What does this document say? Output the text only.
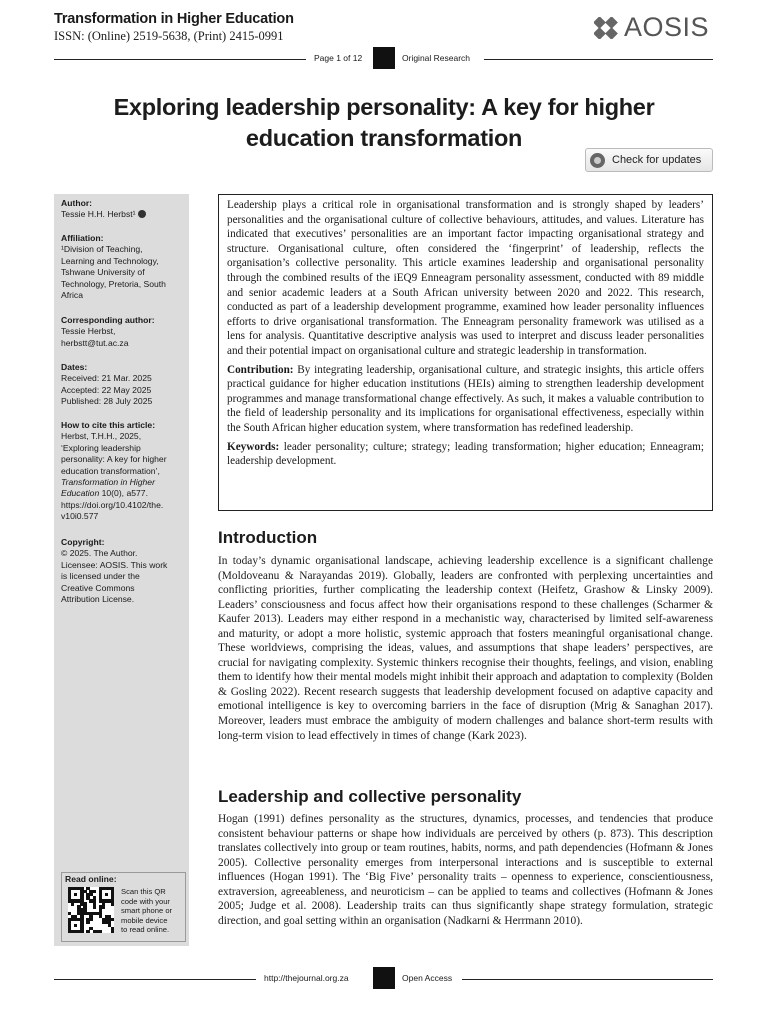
Transformation in Higher Education
ISSN: (Online) 2519-5638, (Print) 2415-0991	AOSIS
Page 1 of 12	Original Research
Exploring leadership personality: A key for higher
education transformation
Check for updates
Author:
Tessie H.H. Herbst¹
Affiliation:
¹Division of Teaching,
Learning and Technology,
Tshwane University of
Technology, Pretoria, South
Africa
Corresponding author:
Tessie Herbst,
herbstt@tut.ac.za
Dates:
Received: 21 Mar. 2025
Accepted: 22 May 2025
Published: 28 July 2025
How to cite this article:
Herbst, T.H.H., 2025,
‘Exploring leadership
personality: A key for higher
education transformation’,
Transformation in Higher
Education 10(0), a577.
https://doi.org/10.4102/the.
v10i0.577
Copyright:
© 2025. The Author.
Licensee: AOSIS. This work
is licensed under the
Creative Commons
Attribution License.
Read online:
Scan this QR
code with your
smart phone or
mobile device
to read online.

Leadership plays a critical role in organisational transformation and is strongly shaped by leaders’ personalities and the organisational culture of collective behaviours, attitudes, and values. Literature has indicated that executives’ personalities are an important factor impacting organisational strategy and structure. Organisational culture, often considered the ‘fingerprint’ of leadership, reflects the organisation’s collective personality. This article examines leadership and organisational personality through the combined results of the iEQ9 Enneagram personality assessment, conducted with 89 middle and senior academic leaders at a South African university between 2020 and 2022. This research, conducted as part of a leadership development programme, examined how leader personality influences efforts to drive organisational transformation. The Enneagram personality framework was utilised as a lens for analysis. Quantitative descriptive analysis was used to interpret and discuss leader personalities and their potential impact on organisational culture and strategic leadership in transformation.

Contribution: By integrating leadership, organisational culture, and strategic insights, this article offers practical guidance for higher education institutions (HEIs) aiming to strengthen leadership development programmes and manage transformational change effectively. As such, it makes a valuable contribution to the field of leadership personality and its implications for organisational effectiveness, especially within the South African higher education system, where transformation has redefined leadership.

Keywords: leader personality; culture; strategy; leading transformation; higher education; Enneagram; leadership development.

Introduction

In today’s dynamic organisational landscape, achieving leadership excellence is a significant challenge (Moldoveanu & Narayandas 2019). Globally, leaders are confronted with perplexing uncertainties and conflicting priorities, further complicating the leadership context (Heifetz, Grashow & Linsky 2009). Leaders’ consciousness and focus affect how their organisations respond to these challenges (Scharmer & Kaufer 2013). Leaders may either respond in a mechanistic way, characterised by limited self-awareness and maturity, or adopt a more holistic, systemic approach that fosters meaningful organisational change. These worldviews, comprising the ideas, values, and assumptions that shape leaders’ perspectives, are crucial for navigating complexity. Systemic thinkers recognise their thoughts, feelings, and vision, enabling them to identify how their mental models might inhibit their approach and adaptation to complexity (Bolden & Gosling 2022). Recent research suggests that leadership development focused on adaptive capacity and emotional intelligence is key to overcoming barriers in the face of disruption (Mrig & Sanaghan 2017). Moreover, leaders must embrace the ambiguity of modern challenges and balance short-term results with long-term vision to lead effectively in times of change (Kark 2023).

Leadership and collective personality

Hogan (1991) defines personality as the structures, dynamics, processes, and tendencies that produce consistent behaviour patterns or shape how individuals are perceived by others (p. 873). This description translates collectively into group or team routines, habits, norms, and path dependencies (Hofmann & Jones 2005). Collective personality emerges from interpersonal interactions and is susceptible to external influences (Hogan 1991). The ‘Big Five’ personality traits – openness to experience, conscientiousness, extraversion, agreeableness, and neuroticism – can be applied to teams and collectives (Hofmann & Jones 2005; Judge et al. 2008). Leadership traits can thus significantly shape strategy formulation, strategic direction, and goal setting within an organisation (Nadkarni & Herrmann 2010).

http://thejournal.org.za	Open Access
